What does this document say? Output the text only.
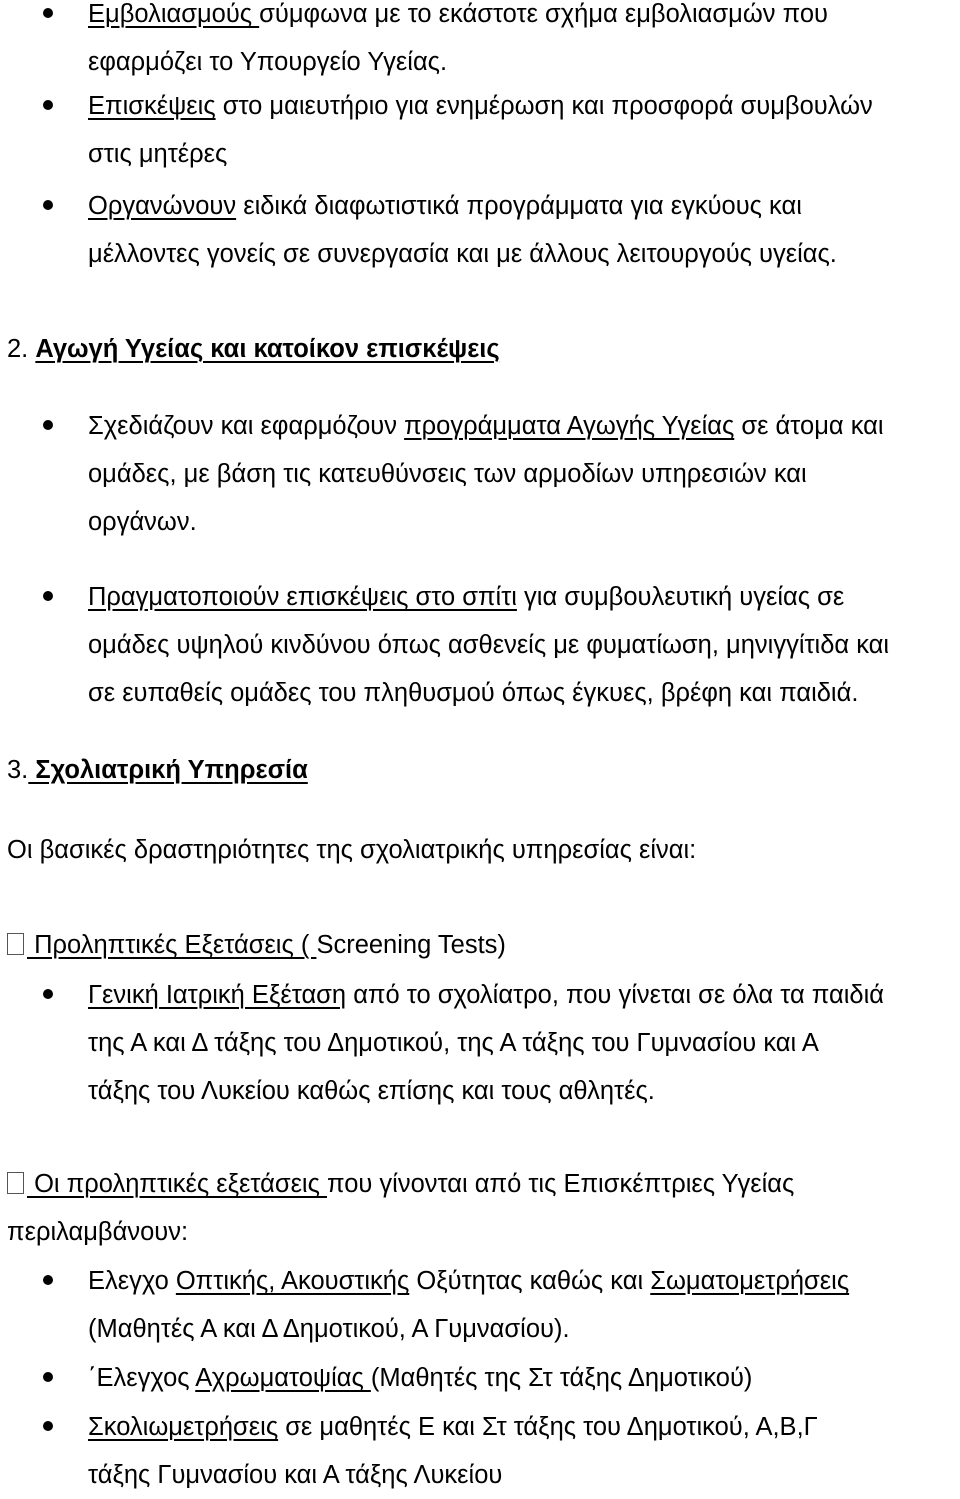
Εμβολιασμούς σύμφωνα με το εκάστοτε σχήμα εμβολιασμών που
εφαρμόζει το Υπουργείο Υγείας.
Επισκέψεις στο μαιευτήριο για ενημέρωση και προσφορά συμβουλών
στις μητέρες
Οργανώνουν ειδικά διαφωτιστικά προγράμματα για εγκύους και
μέλλοντες γονείς σε συνεργασία και με άλλους λειτουργούς υγείας.
2. Αγωγή Υγείας και κατοίκον επισκέψεις
Σχεδιάζουν και εφαρμόζουν προγράμματα Αγωγής Υγείας σε άτομα και
ομάδες, με βάση τις κατευθύνσεις των αρμοδίων υπηρεσιών και
οργάνων.
Πραγματοποιούν επισκέψεις στο σπίτι για συμβουλευτική υγείας σε
ομάδες υψηλού κινδύνου όπως ασθενείς με φυματίωση, μηνιγγίτιδα και
σε ευπαθείς ομάδες του πληθυσμού όπως έγκυες, βρέφη και παιδιά.
3. Σχολιατρική Υπηρεσία
Οι βασικές δραστηριότητες της σχολιατρικής υπηρεσίας είναι:
Προληπτικές Εξετάσεις ( Screening Tests)
Γενική Ιατρική Εξέταση από το σχολίατρο, που γίνεται σε όλα τα παιδιά
της Α και Δ τάξης του Δημοτικού, της Α τάξης του Γυμνασίου και Α
τάξης του Λυκείου καθώς επίσης και τους αθλητές.
Οι προληπτικές εξετάσεις που γίνονται από τις Επισκέπτριες Υγείας
περιλαμβάνουν:
Ελεγχο Οπτικής, Ακουστικής Οξύτητας καθώς και Σωματομετρήσεις
(Μαθητές Α και Δ Δημοτικού, Α Γυμνασίου).
΄Ελεγχος Αχρωματοψίας (Μαθητές της Στ τάξης Δημοτικού)
Σκολιωμετρήσεις σε μαθητές Ε και Στ τάξης του Δημοτικού, Α,Β,Γ
τάξης Γυμνασίου και Α τάξης Λυκείου
